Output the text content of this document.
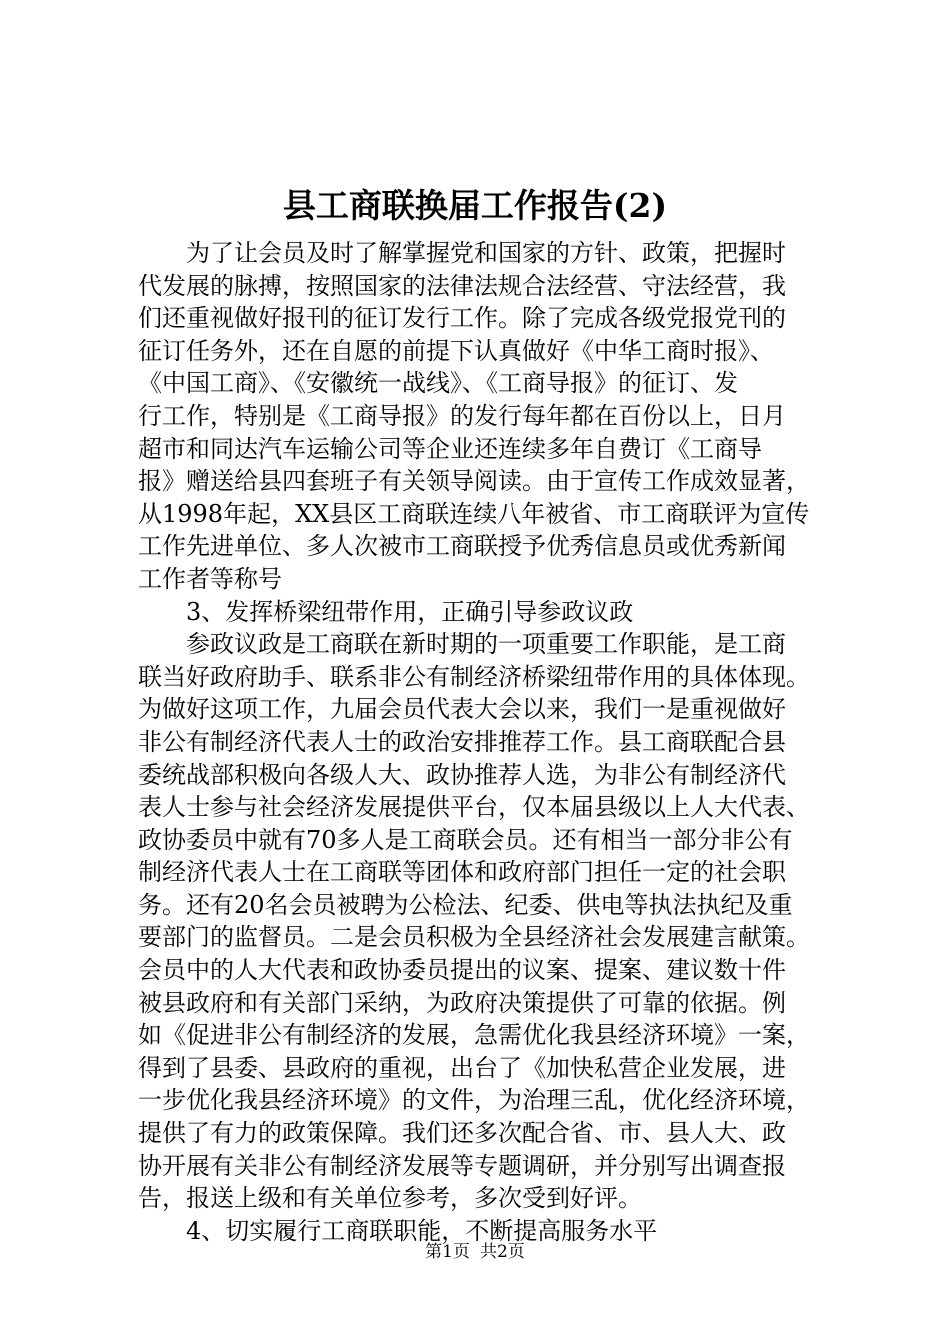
县工商联换届工作报告(2)
为了让会员及时了解掌握党和国家的方针、政策，把握时
代发展的脉搏，按照国家的法律法规合法经营、守法经营，我
们还重视做好报刊的征订发行工作。除了完成各级党报党刊的
征订任务外，还在自愿的前提下认真做好《中华工商时报》、
《中国工商》、《安徽统一战线》、《工商导报》的征订、发
行工作，特别是《工商导报》的发行每年都在百份以上，日月
超市和同达汽车运输公司等企业还连续多年自费订《工商导
报》赠送给县四套班子有关领导阅读。由于宣传工作成效显著，
从1998年起，XX县区工商联连续八年被省、市工商联评为宣传
工作先进单位、多人次被市工商联授予优秀信息员或优秀新闻
工作者等称号
3、发挥桥梁纽带作用，正确引导参政议政
参政议政是工商联在新时期的一项重要工作职能，是工商
联当好政府助手、联系非公有制经济桥梁纽带作用的具体体现。
为做好这项工作，九届会员代表大会以来，我们一是重视做好
非公有制经济代表人士的政治安排推荐工作。县工商联配合县
委统战部积极向各级人大、政协推荐人选，为非公有制经济代
表人士参与社会经济发展提供平台，仅本届县级以上人大代表、
政协委员中就有70多人是工商联会员。还有相当一部分非公有
制经济代表人士在工商联等团体和政府部门担任一定的社会职
务。还有20名会员被聘为公检法、纪委、供电等执法执纪及重
要部门的监督员。二是会员积极为全县经济社会发展建言献策。
会员中的人大代表和政协委员提出的议案、提案、建议数十件
被县政府和有关部门采纳，为政府决策提供了可靠的依据。例
如《促进非公有制经济的发展，急需优化我县经济环境》一案，
得到了县委、县政府的重视，出台了《加快私营企业发展，进
一步优化我县经济环境》的文件，为治理三乱，优化经济环境，
提供了有力的政策保障。我们还多次配合省、市、县人大、政
协开展有关非公有制经济发展等专题调研，并分别写出调查报
告，报送上级和有关单位参考，多次受到好评。
4、切实履行工商联职能，不断提高服务水平
第1页 共2页
